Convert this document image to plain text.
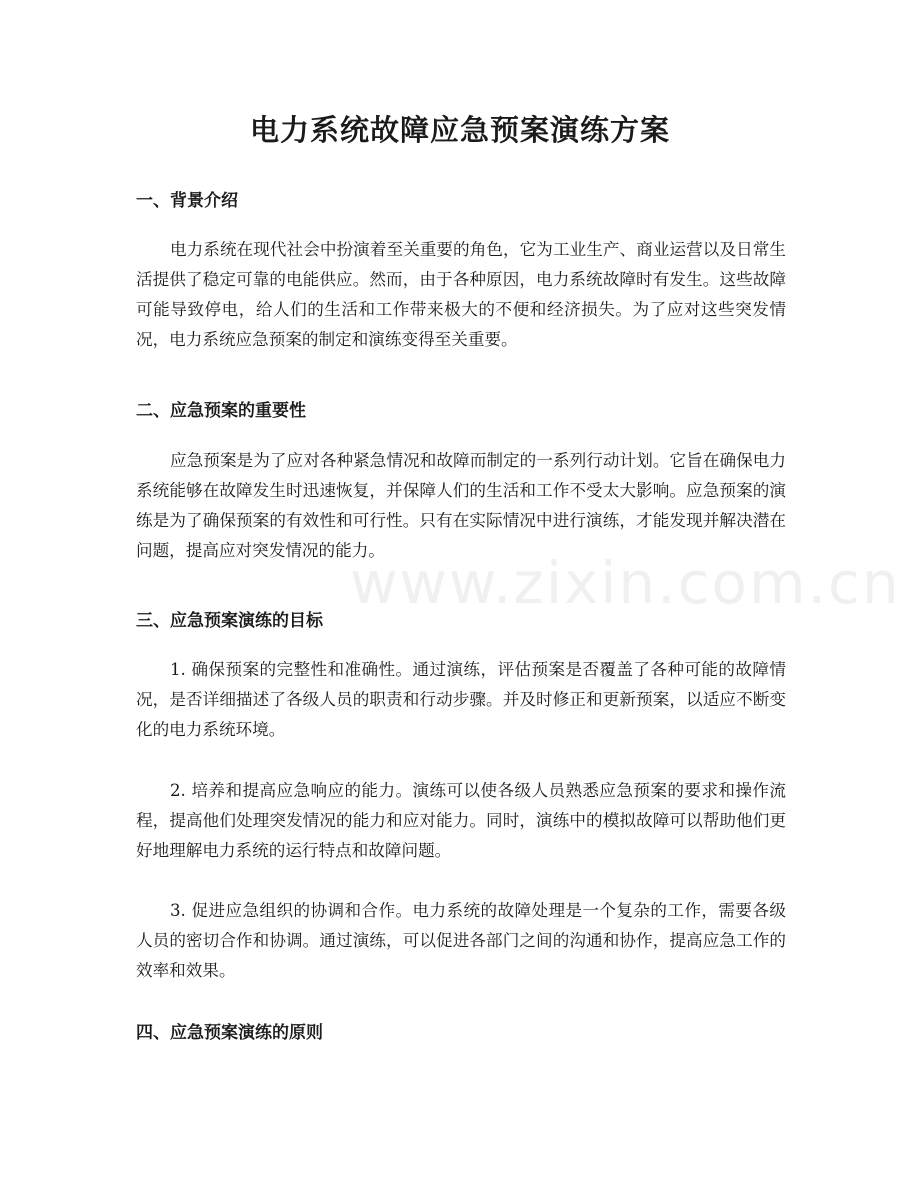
电力系统故障应急预案演练方案
一、背景介绍

电力系统在现代社会中扮演着至关重要的角色，它为工业生产、商业运营以及日常生活提供了稳定可靠的电能供应。然而，由于各种原因，电力系统故障时有发生。这些故障可能导致停电，给人们的生活和工作带来极大的不便和经济损失。为了应对这些突发情况，电力系统应急预案的制定和演练变得至关重要。

二、应急预案的重要性

应急预案是为了应对各种紧急情况和故障而制定的一系列行动计划。它旨在确保电力系统能够在故障发生时迅速恢复，并保障人们的生活和工作不受太大影响。应急预案的演练是为了确保预案的有效性和可行性。只有在实际情况中进行演练，才能发现并解决潜在问题，提高应对突发情况的能力。

三、应急预案演练的目标

1. 确保预案的完整性和准确性。通过演练，评估预案是否覆盖了各种可能的故障情况，是否详细描述了各级人员的职责和行动步骤。并及时修正和更新预案，以适应不断变化的电力系统环境。

2. 培养和提高应急响应的能力。演练可以使各级人员熟悉应急预案的要求和操作流程，提高他们处理突发情况的能力和应对能力。同时，演练中的模拟故障可以帮助他们更好地理解电力系统的运行特点和故障问题。

3. 促进应急组织的协调和合作。电力系统的故障处理是一个复杂的工作，需要各级人员的密切合作和协调。通过演练，可以促进各部门之间的沟通和协作，提高应急工作的效率和效果。

四、应急预案演练的原则
www.zixin.com.cn
